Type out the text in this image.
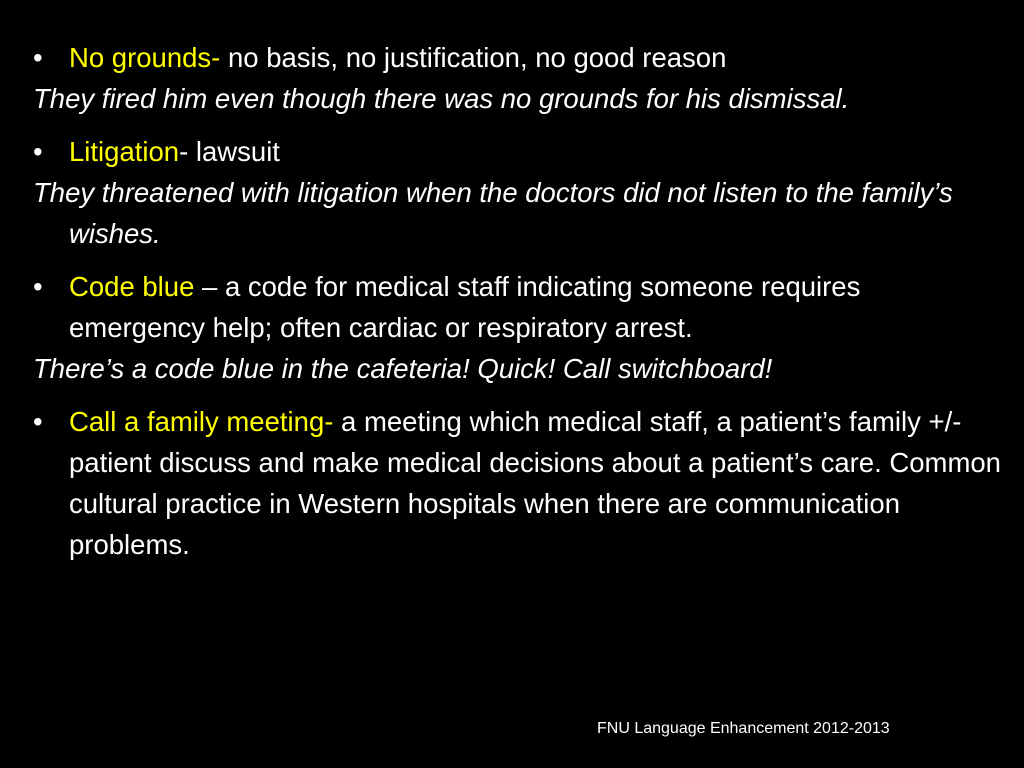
• No grounds- no basis, no justification, no good reason
They fired him even though there was no grounds for his dismissal.
• Litigation- lawsuit
They threatened with litigation when the doctors did not listen to the family’s wishes.
• Code blue – a code for medical staff indicating someone requires emergency help; often cardiac or respiratory arrest.
There’s a code blue in the cafeteria! Quick! Call switchboard!
• Call a family meeting- a meeting which medical staff, a patient’s family +/-patient discuss and make medical decisions about a patient’s care. Common cultural practice in Western hospitals when there are communication problems.
FNU Language Enhancement 2012-2013
